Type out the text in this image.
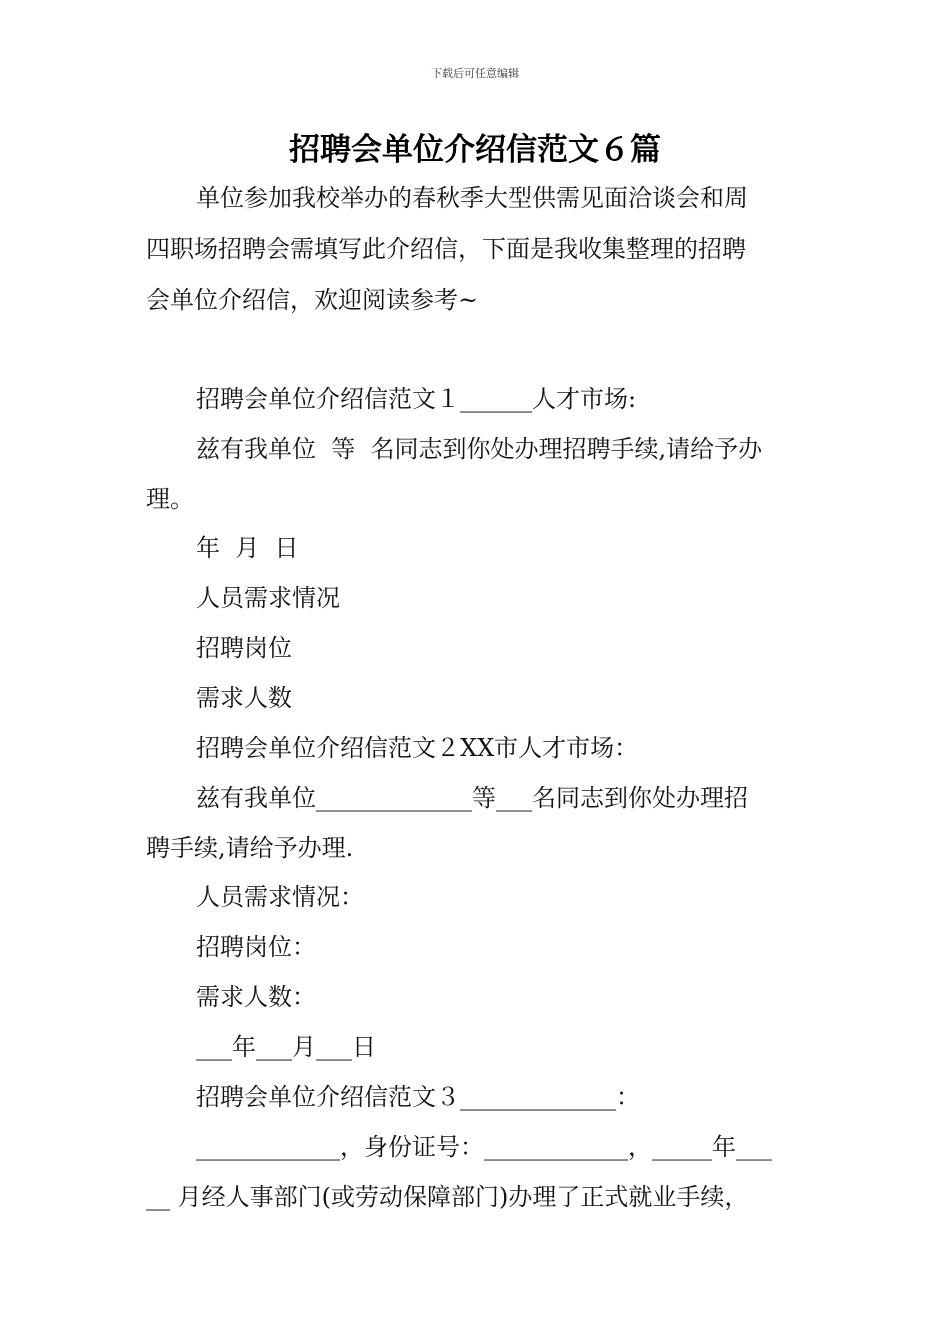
下载后可任意编辑
招聘会单位介绍信范文６篇
单位参加我校举办的春秋季大型供需见面洽谈会和周
四职场招聘会需填写此介绍信，下面是我收集整理的招聘
会单位介绍信，欢迎阅读参考~
招聘会单位介绍信范文１______人才市场:
兹有我单位  等  名同志到你处办理招聘手续,请给予办
理。
年  月  日
人员需求情况
招聘岗位
需求人数
招聘会单位介绍信范文２XX市人才市场：
兹有我单位_____________等___名同志到你处办理招
聘手续,请给予办理.
人员需求情况：
招聘岗位：
需求人数：
___年___月___日
招聘会单位介绍信范文３_____________：
____________，身份证号：____________，_____年___
__ 月经人事部门(或劳动保障部门)办理了正式就业手续，
